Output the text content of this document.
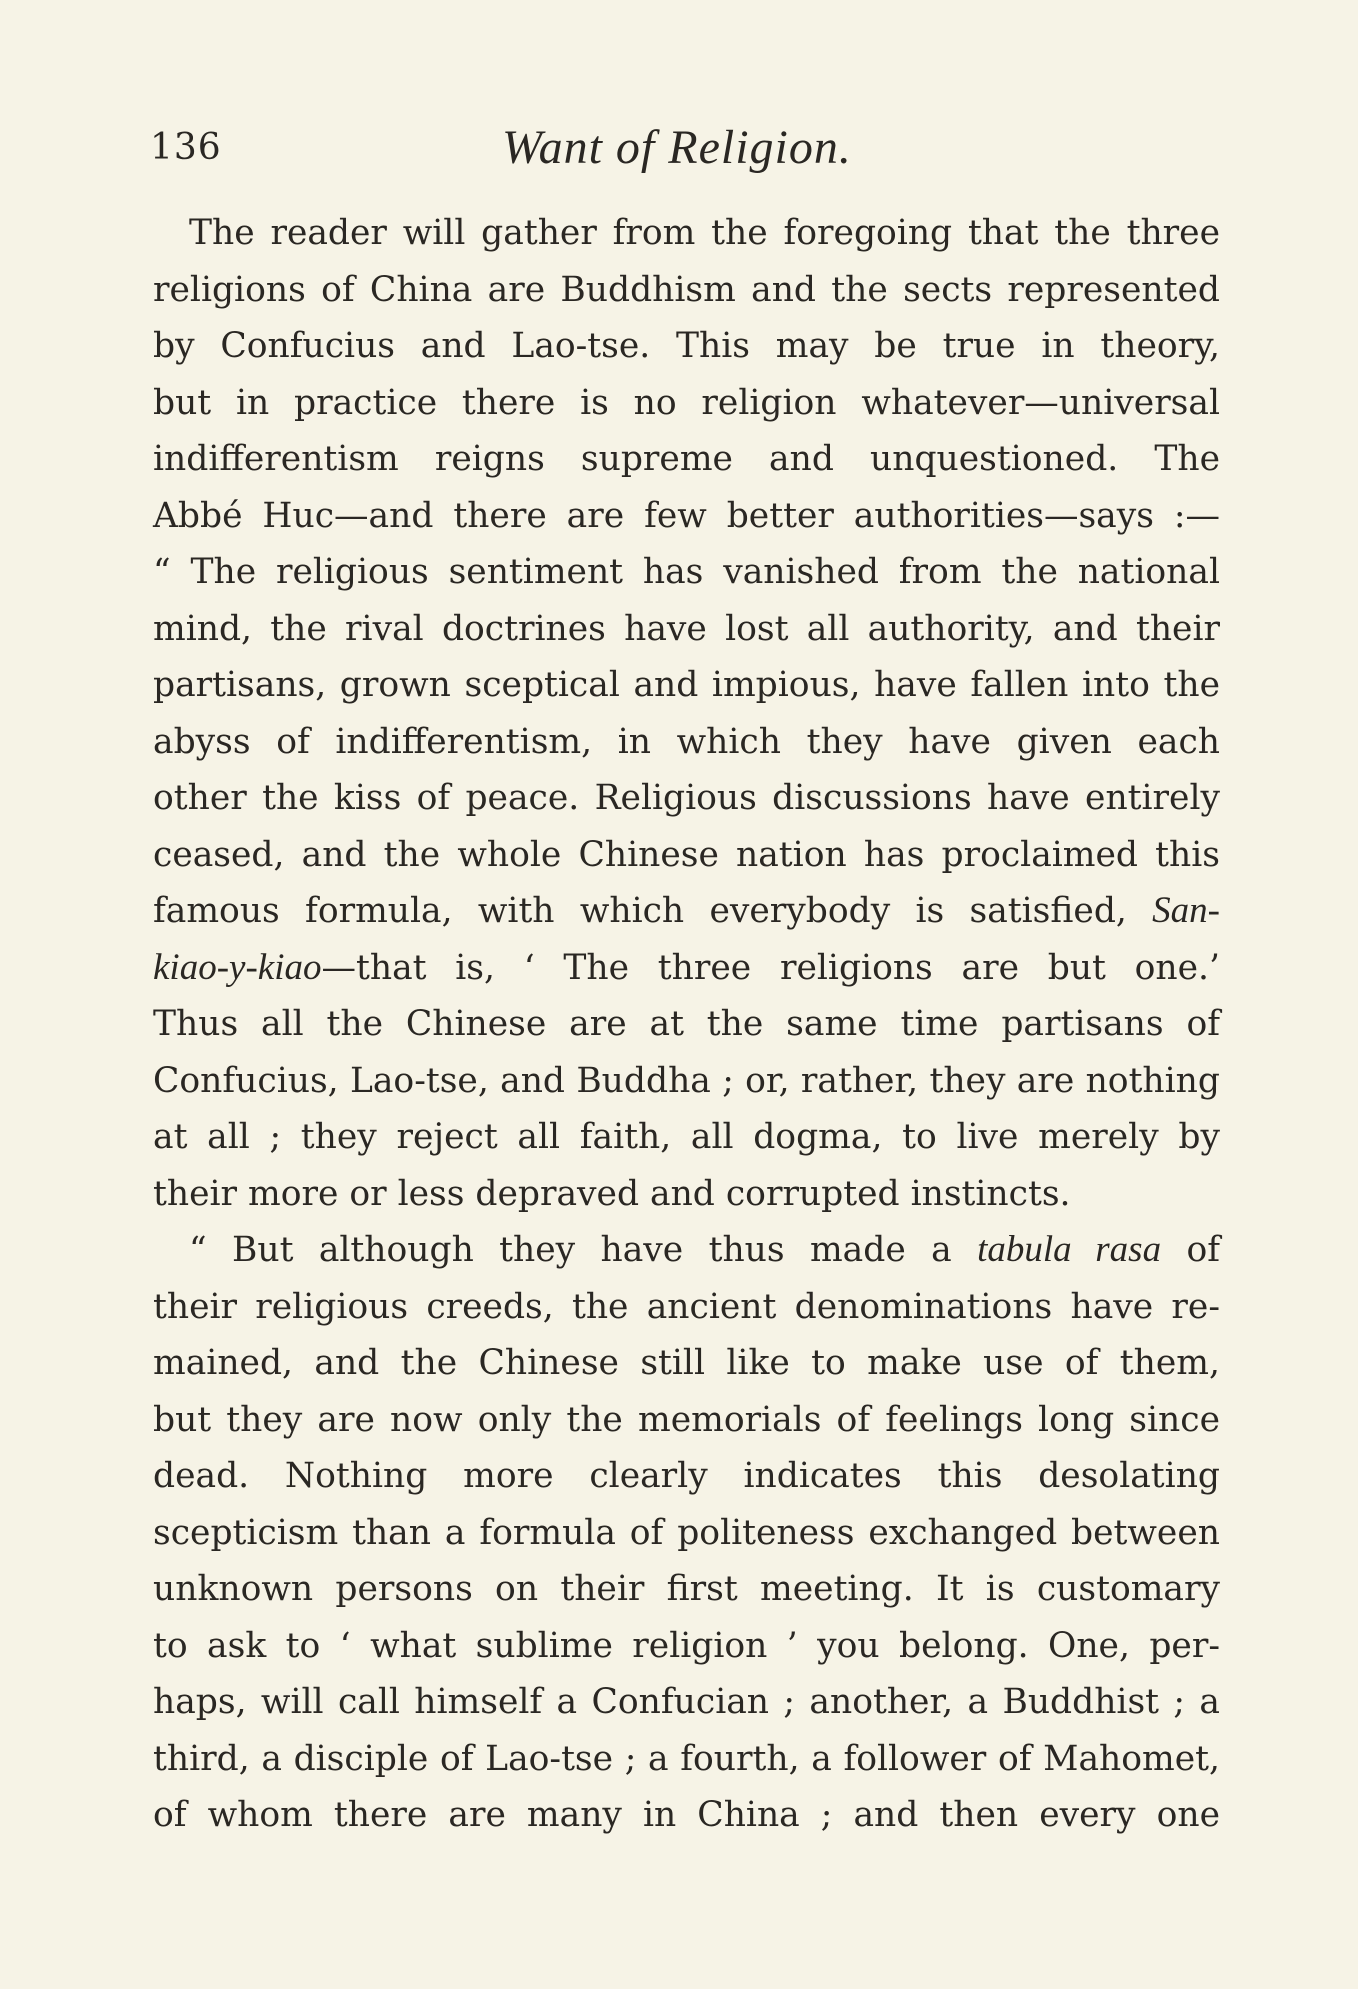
136	Want of Religion.
The reader will gather from the foregoing that the three
religions of China are Buddhism and the sects represented
by Confucius and Lao-tse. This may be true in theory,
but in practice there is no religion whatever—universal
indifferentism reigns supreme and unquestioned. The
Abbé Huc—and there are few better authorities—says :—
“ The religious sentiment has vanished from the national
mind, the rival doctrines have lost all authority, and their
partisans, grown sceptical and impious, have fallen into the
abyss of indifferentism, in which they have given each
other the kiss of peace. Religious discussions have entirely
ceased, and the whole Chinese nation has proclaimed this
famous formula, with which everybody is satisfied, San-
kiao-y-kiao—that is, ‘ The three religions are but one.’
Thus all the Chinese are at the same time partisans of
Confucius, Lao-tse, and Buddha ; or, rather, they are nothing
at all ; they reject all faith, all dogma, to live merely by
their more or less depraved and corrupted instincts.
“ But although they have thus made a tabula rasa of
their religious creeds, the ancient denominations have re-
mained, and the Chinese still like to make use of them,
but they are now only the memorials of feelings long since
dead. Nothing more clearly indicates this desolating
scepticism than a formula of politeness exchanged between
unknown persons on their first meeting. It is customary
to ask to ‘ what sublime religion ’ you belong. One, per-
haps, will call himself a Confucian ; another, a Buddhist ; a
third, a disciple of Lao-tse ; a fourth, a follower of Mahomet,
of whom there are many in China ; and then every one
